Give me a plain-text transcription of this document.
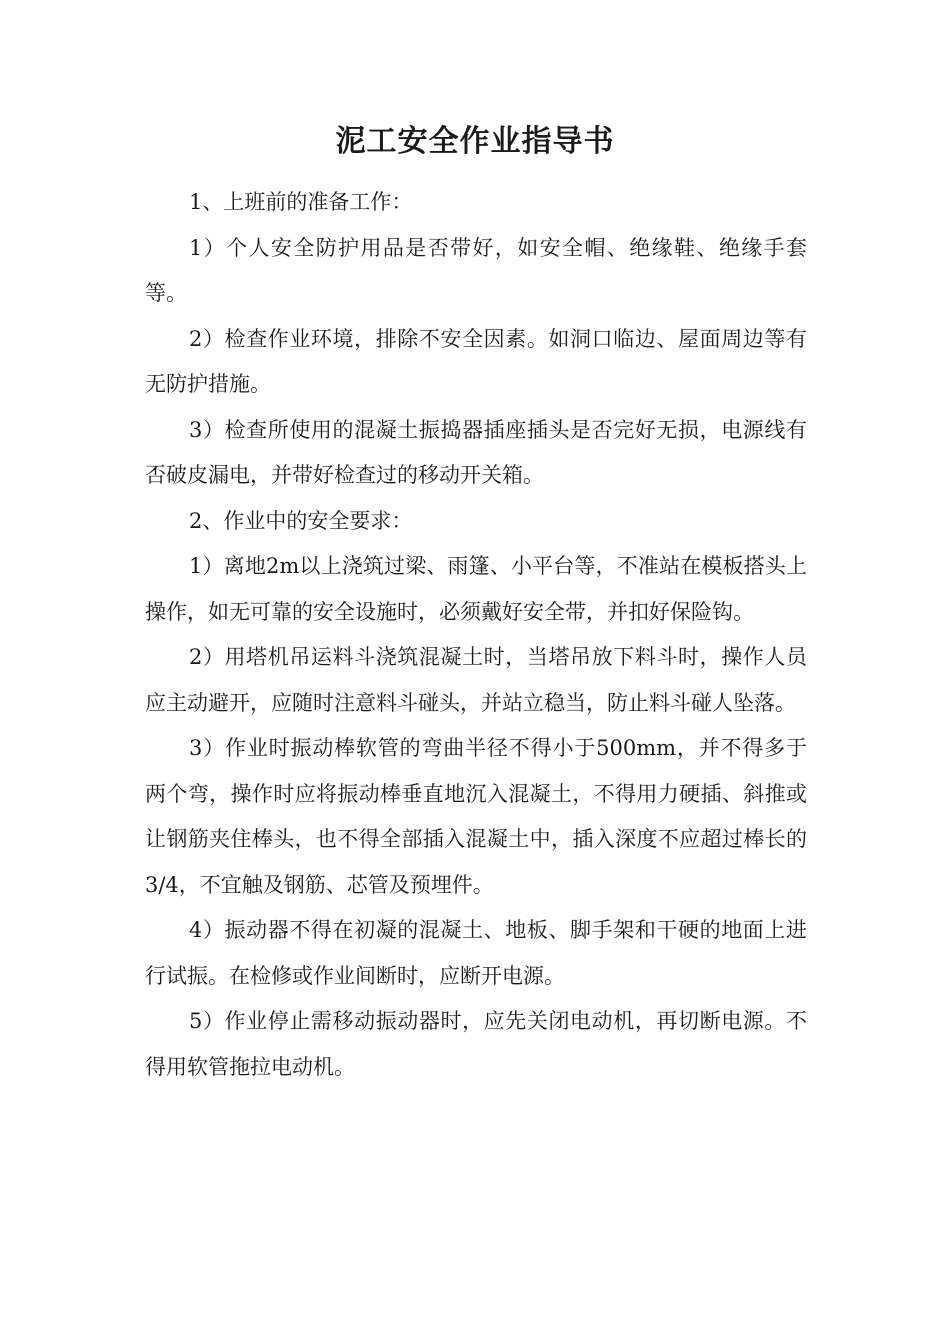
泥工安全作业指导书

1、上班前的准备工作：

1）个人安全防护用品是否带好，如安全帽、绝缘鞋、绝缘手套等。

2）检查作业环境，排除不安全因素。如洞口临边、屋面周边等有无防护措施。

3）检查所使用的混凝土振捣器插座插头是否完好无损，电源线有否破皮漏电，并带好检查过的移动开关箱。

2、作业中的安全要求：

1）离地2m以上浇筑过梁、雨篷、小平台等，不准站在模板搭头上操作，如无可靠的安全设施时，必须戴好安全带，并扣好保险钩。

2）用塔机吊运料斗浇筑混凝土时，当塔吊放下料斗时，操作人员应主动避开，应随时注意料斗碰头，并站立稳当，防止料斗碰人坠落。

3）作业时振动棒软管的弯曲半径不得小于500mm，并不得多于两个弯，操作时应将振动棒垂直地沉入混凝土，不得用力硬插、斜推或让钢筋夹住棒头，也不得全部插入混凝土中，插入深度不应超过棒长的3/4，不宜触及钢筋、芯管及预埋件。

4）振动器不得在初凝的混凝土、地板、脚手架和干硬的地面上进行试振。在检修或作业间断时，应断开电源。

5）作业停止需移动振动器时，应先关闭电动机，再切断电源。不得用软管拖拉电动机。
